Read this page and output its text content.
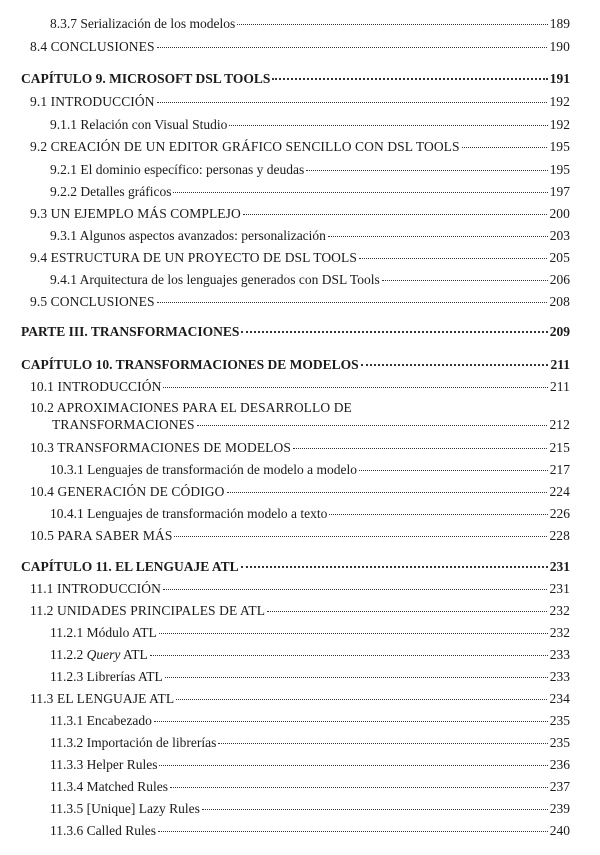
8.3.7 Serialización de los modelos	189
8.4 CONCLUSIONES	190
CAPÍTULO 9. MICROSOFT DSL TOOLS	191
9.1 INTRODUCCIÓN	192
9.1.1 Relación con Visual Studio	192
9.2 CREACIÓN DE UN EDITOR GRÁFICO SENCILLO CON DSL TOOLS	195
9.2.1 El dominio específico: personas y deudas	195
9.2.2 Detalles gráficos	197
9.3 UN EJEMPLO MÁS COMPLEJO	200
9.3.1 Algunos aspectos avanzados: personalización	203
9.4 ESTRUCTURA DE UN PROYECTO DE DSL TOOLS	205
9.4.1 Arquitectura de los lenguajes generados con DSL Tools	206
9.5 CONCLUSIONES	208
PARTE III. TRANSFORMACIONES	209
CAPÍTULO 10. TRANSFORMACIONES DE MODELOS	211
10.1 INTRODUCCIÓN	211
10.2 APROXIMACIONES PARA EL DESARROLLO DE
TRANSFORMACIONES	212
10.3 TRANSFORMACIONES DE MODELOS	215
10.3.1 Lenguajes de transformación de modelo a modelo	217
10.4 GENERACIÓN DE CÓDIGO	224
10.4.1 Lenguajes de transformación modelo a texto	226
10.5 PARA SABER MÁS	228
CAPÍTULO 11. EL LENGUAJE ATL	231
11.1 INTRODUCCIÓN	231
11.2 UNIDADES PRINCIPALES DE ATL	232
11.2.1 Módulo ATL	232
11.2.2 Query ATL	233
11.2.3 Librerías ATL	233
11.3 EL LENGUAJE ATL	234
11.3.1 Encabezado	235
11.3.2 Importación de librerías	235
11.3.3 Helper Rules	236
11.3.4 Matched Rules	237
11.3.5 [Unique] Lazy Rules	239
11.3.6 Called Rules	240
